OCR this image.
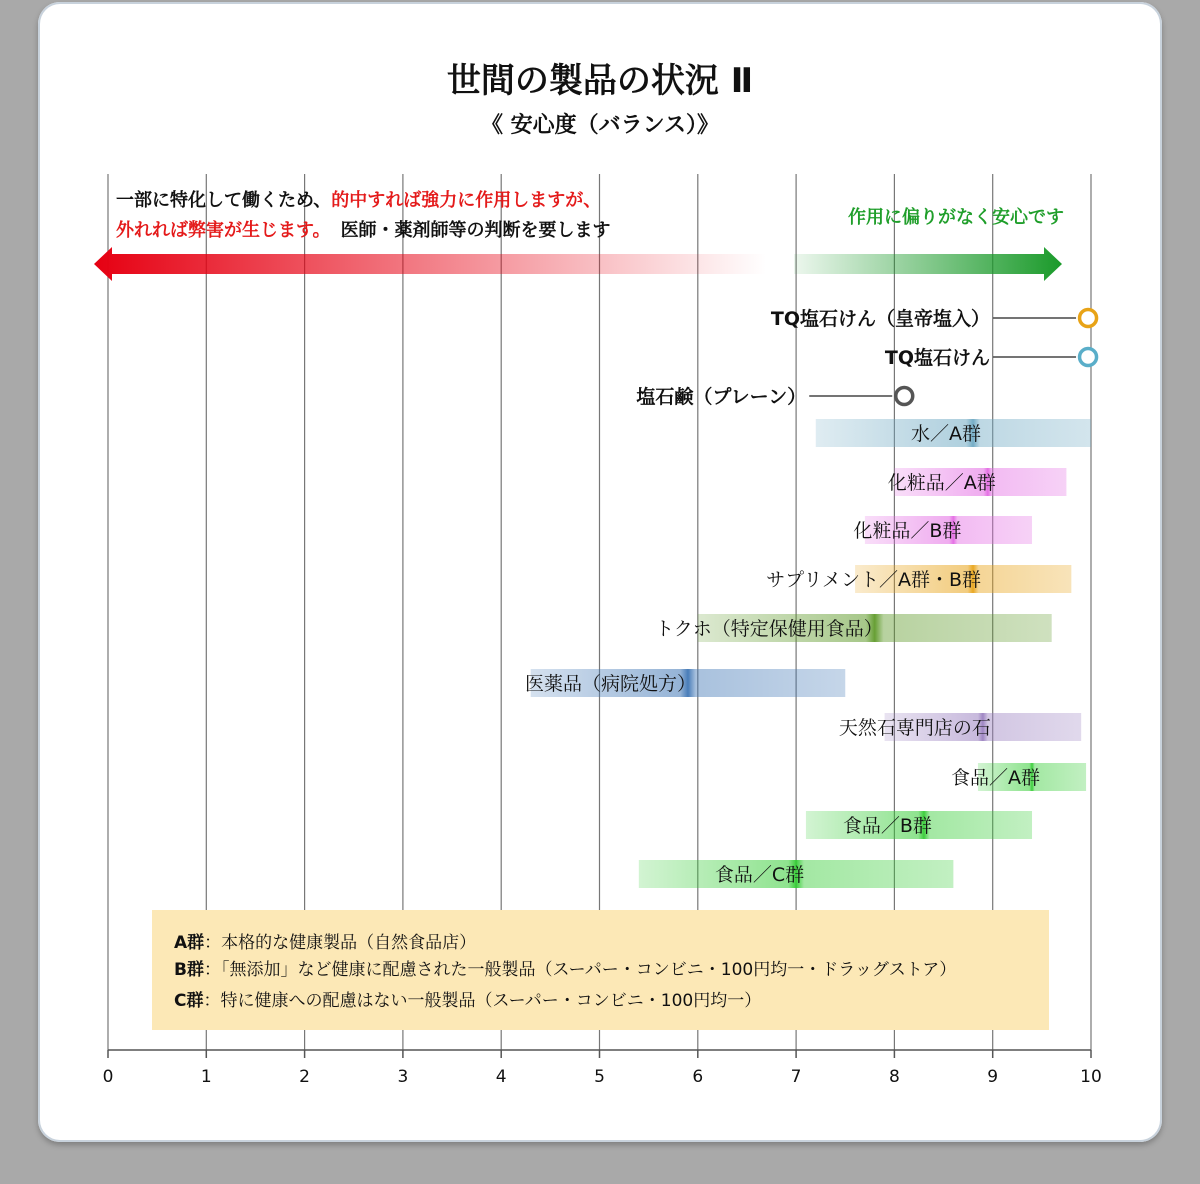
世間の製品の状況 Ⅱ
《 安心度（バランス）》
一部に特化して働くため、的中すれば強力に作用しますが、
外れれば弊害が生じます。 医師・薬剤師等の判断を要します
作用に偏りがなく安心です
水／A群
化粧品／A群
化粧品／B群
サプリメント／A群・B群
トクホ（特定保健用食品）
医薬品（病院処方）
天然石専門店の石
食品／A群
食品／B群
食品／C群
TQ塩石けん（皇帝塩入）
TQ塩石けん
塩石鹸（プレーン）
A群：本格的な健康製品（自然食品店）
B群：「無添加」など健康に配慮された一般製品（スーパー・コンビニ・100円均一・ドラッグストア）
C群：特に健康への配慮はない一般製品（スーパー・コンビニ・100円均一）
0	1	2	3	4	5	6	7	8	9	10
